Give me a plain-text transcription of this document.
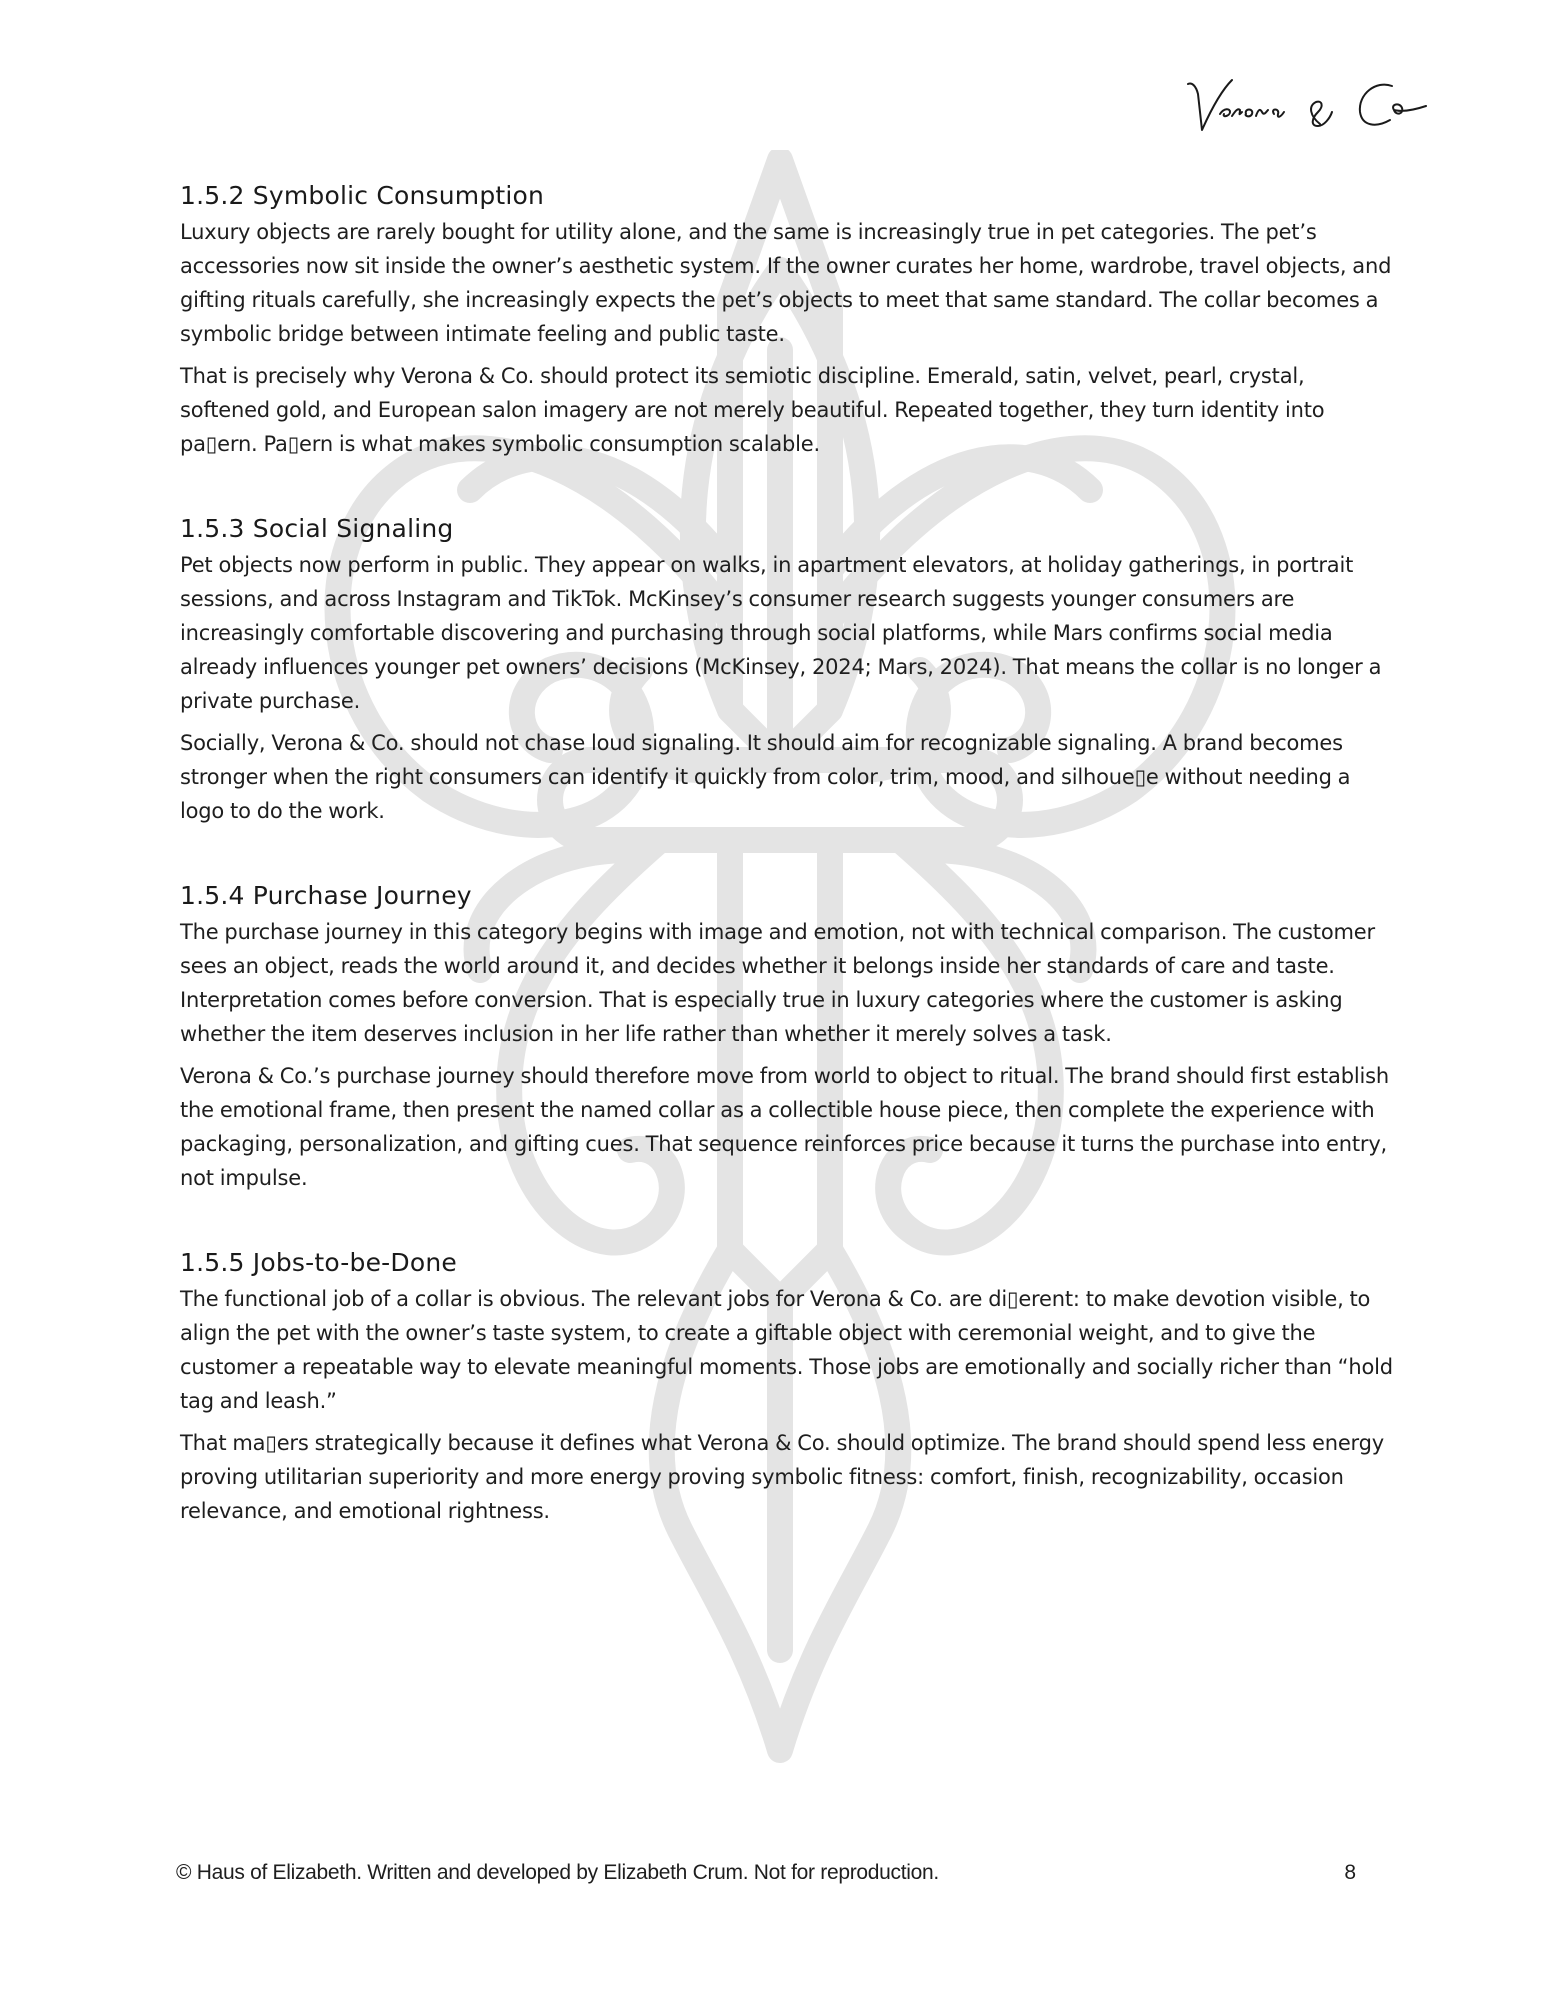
1.5.2 Symbolic Consumption

Luxury objects are rarely bought for utility alone, and the same is increasingly true in pet categories. The pet’s accessories now sit inside the owner’s aesthetic system. If the owner curates her home, wardrobe, travel objects, and gifting rituals carefully, she increasingly expects the pet’s objects to meet that same standard. The collar becomes a symbolic bridge between intimate feeling and public taste.

That is precisely why Verona & Co. should protect its semiotic discipline. Emerald, satin, velvet, pearl, crystal, softened gold, and European salon imagery are not merely beautiful. Repeated together, they turn identity into pa▯ern. Pa▯ern is what makes symbolic consumption scalable.

1.5.3 Social Signaling

Pet objects now perform in public. They appear on walks, in apartment elevators, at holiday gatherings, in portrait sessions, and across Instagram and TikTok. McKinsey’s consumer research suggests younger consumers are increasingly comfortable discovering and purchasing through social platforms, while Mars confirms social media already influences younger pet owners’ decisions (McKinsey, 2024; Mars, 2024). That means the collar is no longer a private purchase.

Socially, Verona & Co. should not chase loud signaling. It should aim for recognizable signaling. A brand becomes stronger when the right consumers can identify it quickly from color, trim, mood, and silhoue▯e without needing a logo to do the work.

1.5.4 Purchase Journey

The purchase journey in this category begins with image and emotion, not with technical comparison. The customer sees an object, reads the world around it, and decides whether it belongs inside her standards of care and taste. Interpretation comes before conversion. That is especially true in luxury categories where the customer is asking whether the item deserves inclusion in her life rather than whether it merely solves a task.

Verona & Co.’s purchase journey should therefore move from world to object to ritual. The brand should first establish the emotional frame, then present the named collar as a collectible house piece, then complete the experience with packaging, personalization, and gifting cues. That sequence reinforces price because it turns the purchase into entry, not impulse.

1.5.5 Jobs-to-be-Done

The functional job of a collar is obvious. The relevant jobs for Verona & Co. are di▯erent: to make devotion visible, to align the pet with the owner’s taste system, to create a giftable object with ceremonial weight, and to give the customer a repeatable way to elevate meaningful moments. Those jobs are emotionally and socially richer than “hold tag and leash.”

That ma▯ers strategically because it defines what Verona & Co. should optimize. The brand should spend less energy proving utilitarian superiority and more energy proving symbolic fitness: comfort, finish, recognizability, occasion relevance, and emotional rightness.

© Haus of Elizabeth. Written and developed by Elizabeth Crum. Not for reproduction.	8
